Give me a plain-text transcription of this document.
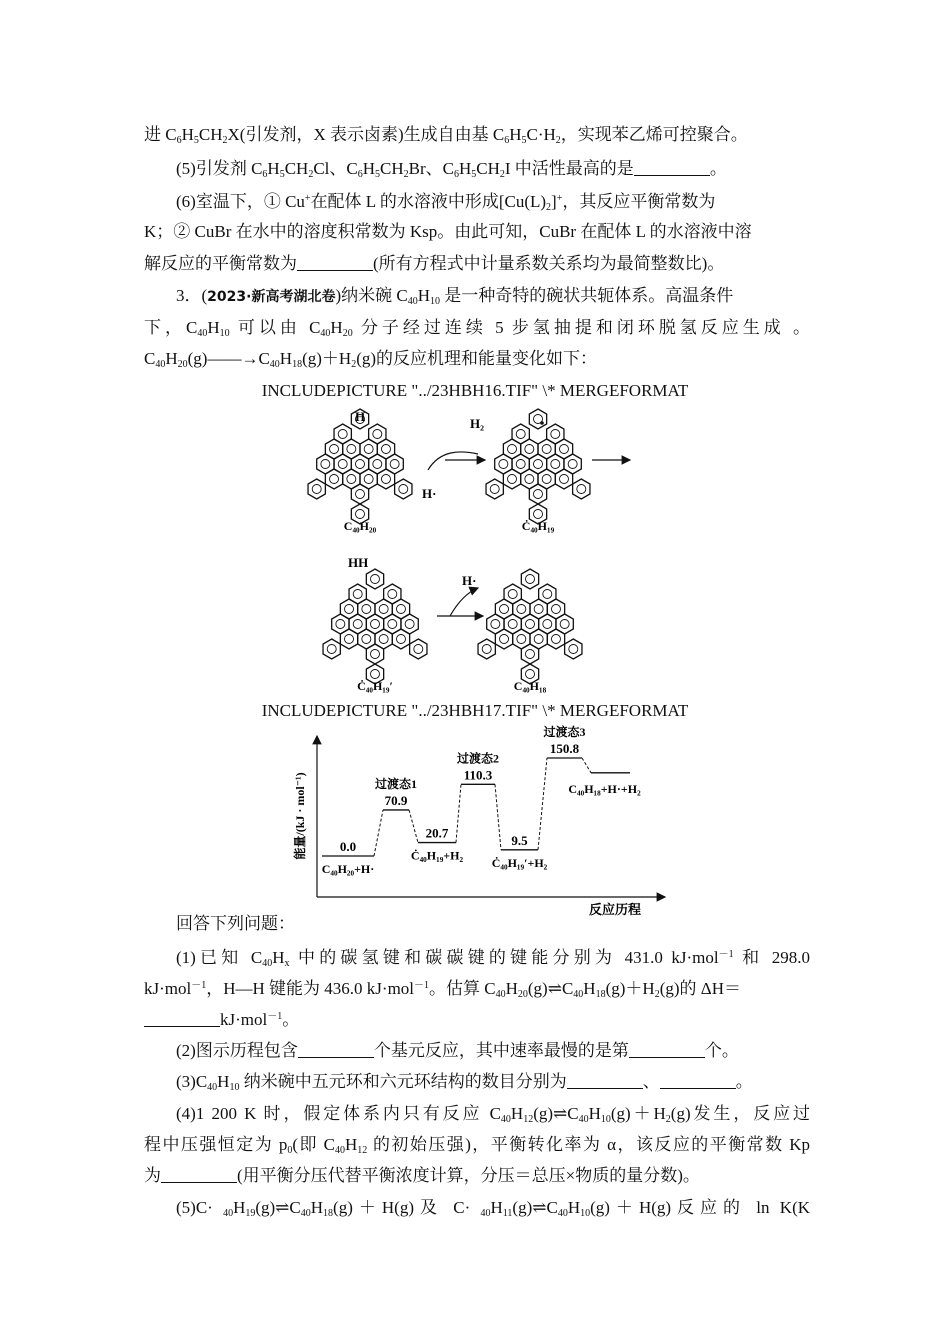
进 $C_6H_5CH_2X$(引发剂，X 表示卤素)生成自由基 $C_6H_5C\cdot H_2$，实现苯乙烯可控聚合。
(5)引发剂 $C_6H_5CH_2Cl$、$C_6H_5CH_2Br$、$C_6H_5CH_2I$ 中活性最高的是	。
(6)室温下，① Cu+在配体 L 的水溶液中形成$[Cu(L)_2]^+$，其反应平衡常数为
K；② CuBr 在水中的溶度积常数为 Ksp。由此可知，CuBr 在配体 L 的水溶液中溶
解反应的平衡常数为	(所有方程式中计量系数关系均为最简整数比)。
3．(2023·新高考湖北卷)纳米碗 $C_{40}H_{10}$ 是一种奇特的碗状共轭体系。高温条件
下，$C_{40}H_{10}$ 可以由 $C_{40}H_{20}$ 分子经过连续 5 步氢抽提和闭环脱氢反应生成 。
$C_{40}H_{20}(g)——\to C_{40}H_{18}(g)+H_2(g)$的反应机理和能量变化如下：
INCLUDEPICTURE "../23HBH16.TIF" \* MERGEFORMAT
H
C₄₀H₂₀
H₂
H·
Ċ₄₀H₁₉
HH
Ċ₄₀H₁₉′
H·
C₄₀H₁₈
INCLUDEPICTURE "../23HBH17.TIF" \* MERGEFORMAT
能量/(kJ · mol⁻¹)
反应历程
0.0
C₄₀H₂₀+H·
70.9
过渡态1
20.7
Ċ₄₀H₁₉+H₂
110.3
过渡态2
9.5
Ċ₄₀H₁₉′+H₂
150.8
过渡态3
C₄₀H₁₈+H·+H₂
回答下列问题：
(1)已知 $C_{40}H_x$ 中的碳氢键和碳碳键的键能分别为 431.0 kJ·mol$^{-1}$ 和 298.0
kJ·mol$^{-1}$，H—H 键能为 436.0 kJ·mol$^{-1}$。估算 $C_{40}H_{20}(g)\rightleftharpoons C_{40}H_{18}(g)+H_2(g)$的 ΔH＝
kJ·mol$^{-1}$。
(2)图示历程包含	个基元反应，其中速率最慢的是第	个。
$(3)C_{40}H_{10}$ 纳米碗中五元环和六元环结构的数目分别为	、	。
(4)1 200 K 时，假定体系内只有反应 $C_{40}H_{12}(g)\rightleftharpoons C_{40}H_{10}(g)+H_2(g)$发生，反应过
程中压强恒定为 $p_0$(即 $C_{40}H_{12}$ 的初始压强)，平衡转化率为 α，该反应的平衡常数 Kp
为	(用平衡分压代替平衡浓度计算，分压＝总压×物质的量分数)。
$(5)C\cdot _{40}H_{19}(g)\rightleftharpoons C_{40}H_{18}(g)+H(g)$及 $C\cdot _{40}H_{11}(g)\rightleftharpoons C_{40}H_{10}(g)+H(g)$反应的 ln K(K
